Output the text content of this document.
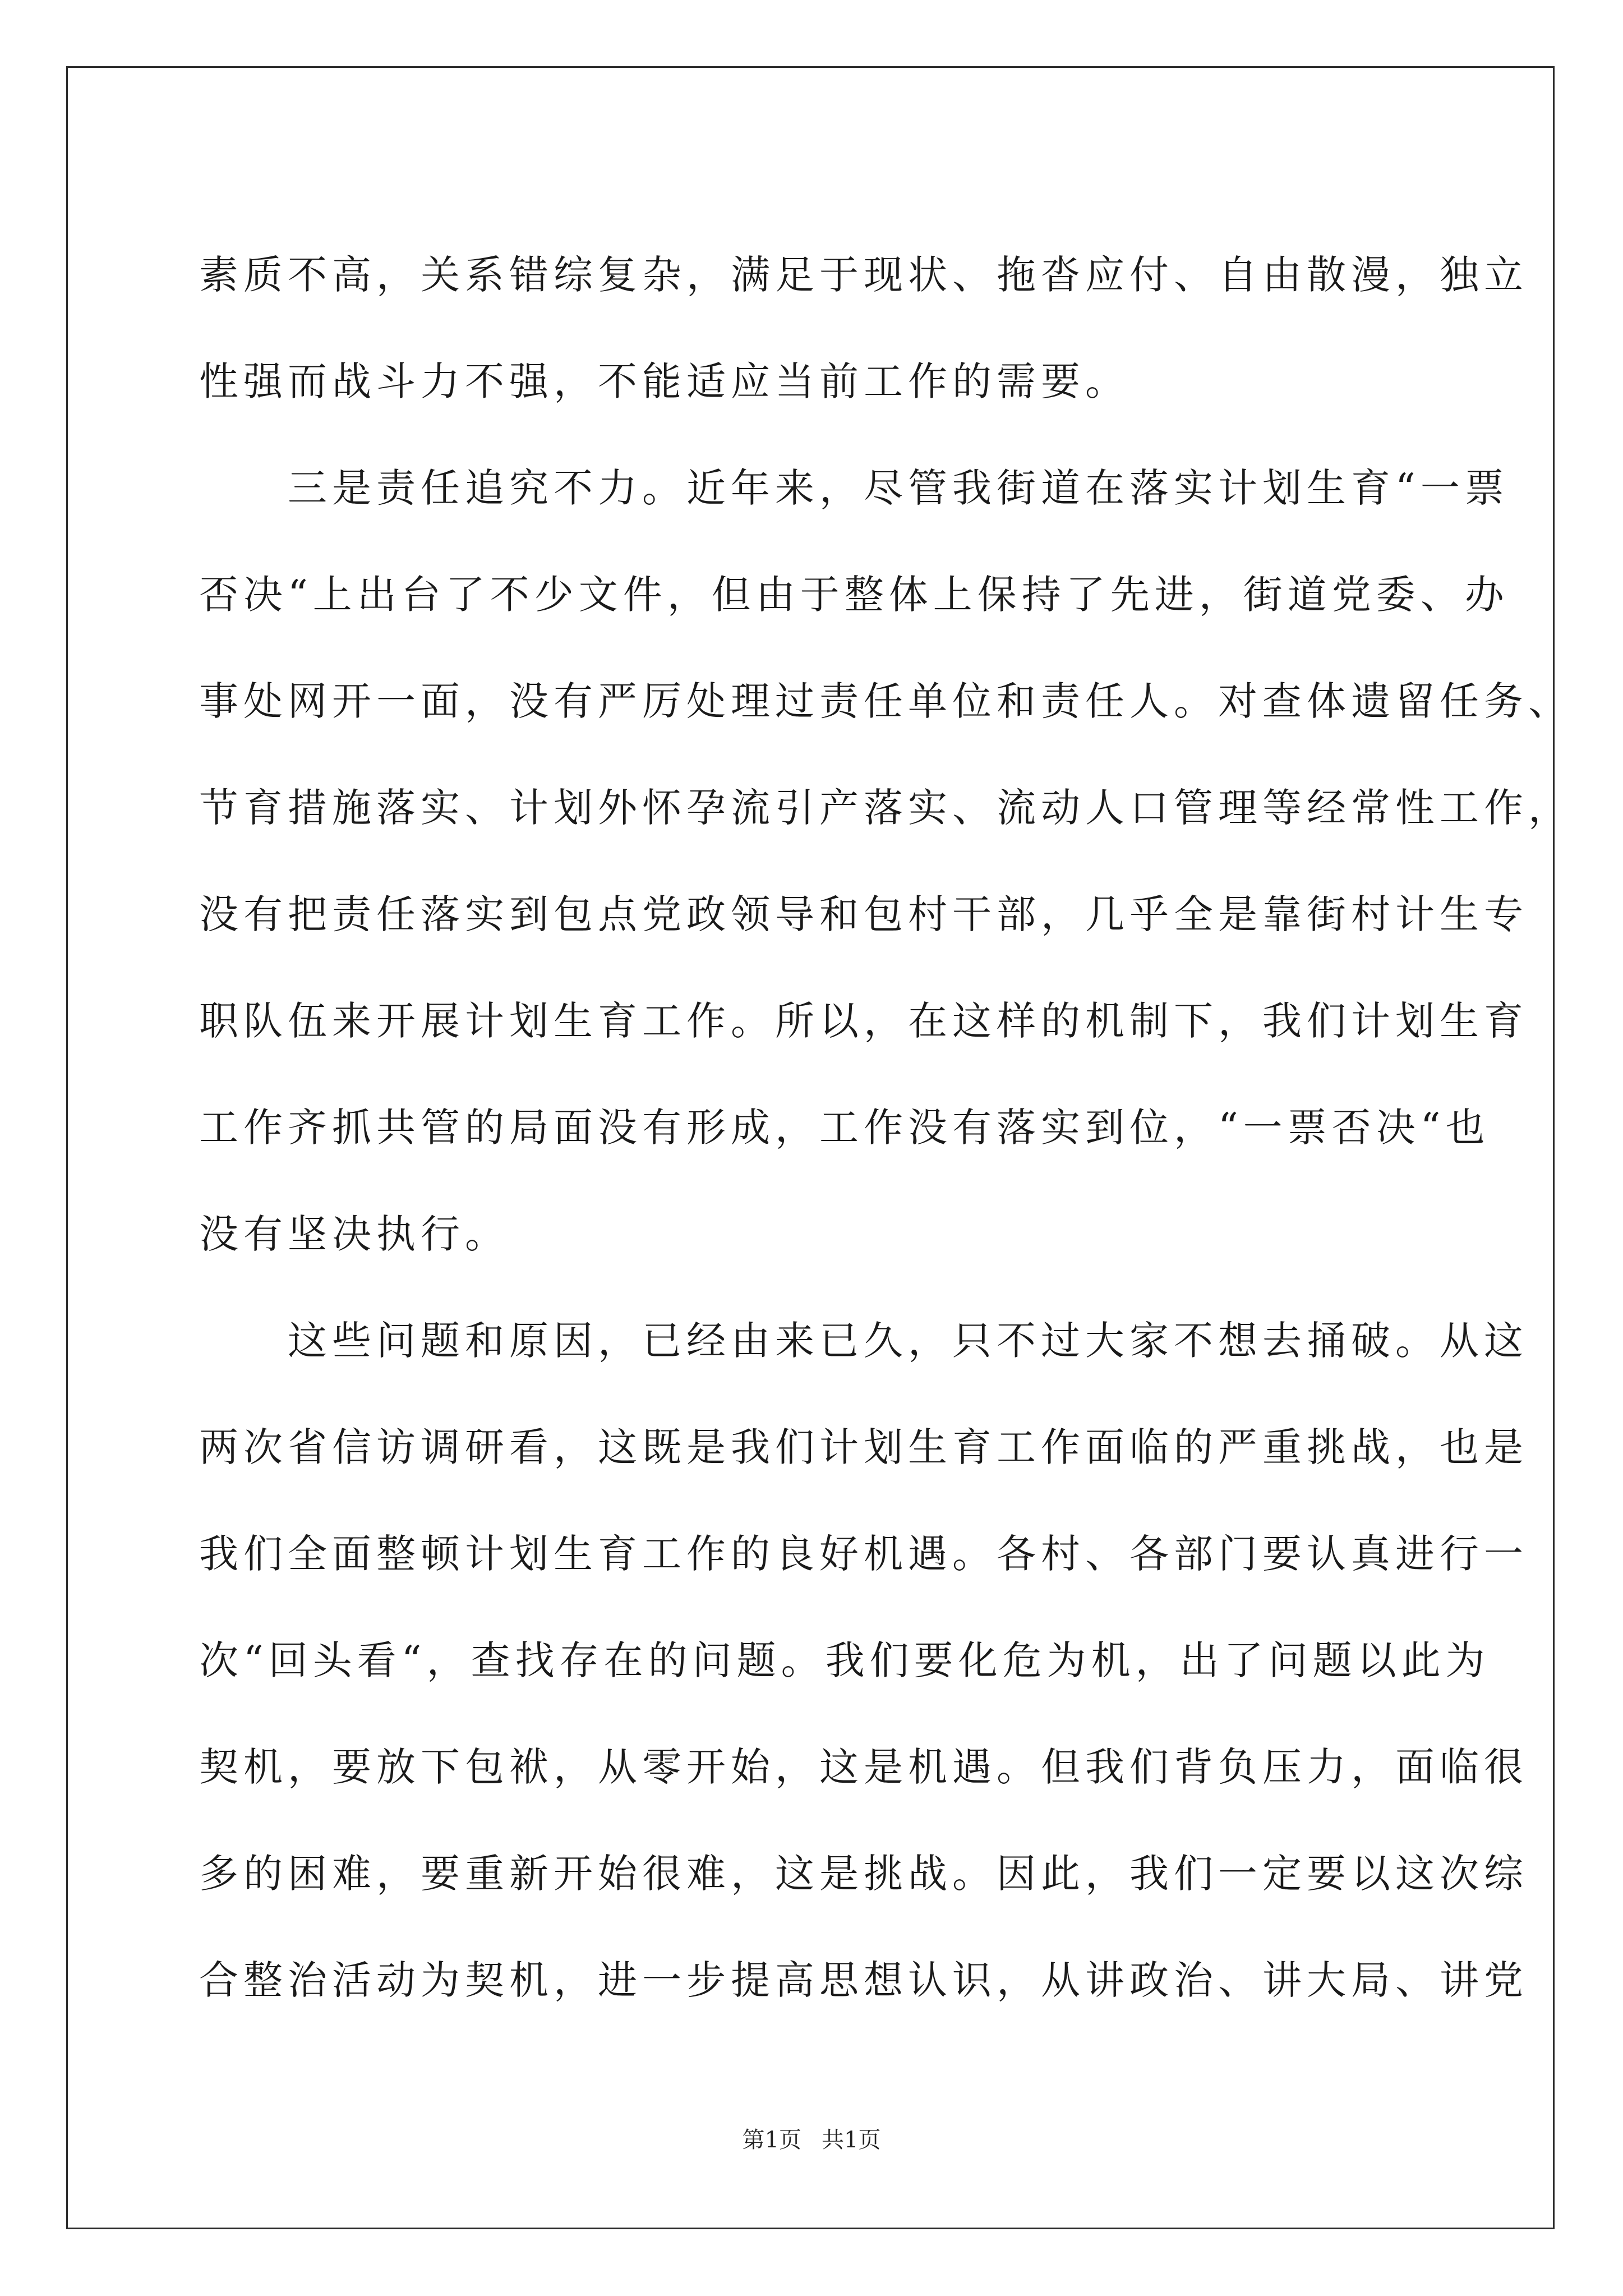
素质不高，关系错综复杂，满足于现状、拖沓应付、自由散漫，独立
性强而战斗力不强，不能适应当前工作的需要。
　　三是责任追究不力。近年来，尽管我街道在落实计划生育“一票
否决“上出台了不少文件，但由于整体上保持了先进，街道党委、办
事处网开一面，没有严厉处理过责任单位和责任人。对查体遗留任务、
节育措施落实、计划外怀孕流引产落实、流动人口管理等经常性工作，
没有把责任落实到包点党政领导和包村干部，几乎全是靠街村计生专
职队伍来开展计划生育工作。所以，在这样的机制下，我们计划生育
工作齐抓共管的局面没有形成，工作没有落实到位，“一票否决“也
没有坚决执行。
　　这些问题和原因，已经由来已久，只不过大家不想去捅破。从这
两次省信访调研看，这既是我们计划生育工作面临的严重挑战，也是
我们全面整顿计划生育工作的良好机遇。各村、各部门要认真进行一
次“回头看“，查找存在的问题。我们要化危为机，出了问题以此为
契机，要放下包袱，从零开始，这是机遇。但我们背负压力，面临很
多的困难，要重新开始很难，这是挑战。因此，我们一定要以这次综
合整治活动为契机，进一步提高思想认识，从讲政治、讲大局、讲党
第1页 共1页
